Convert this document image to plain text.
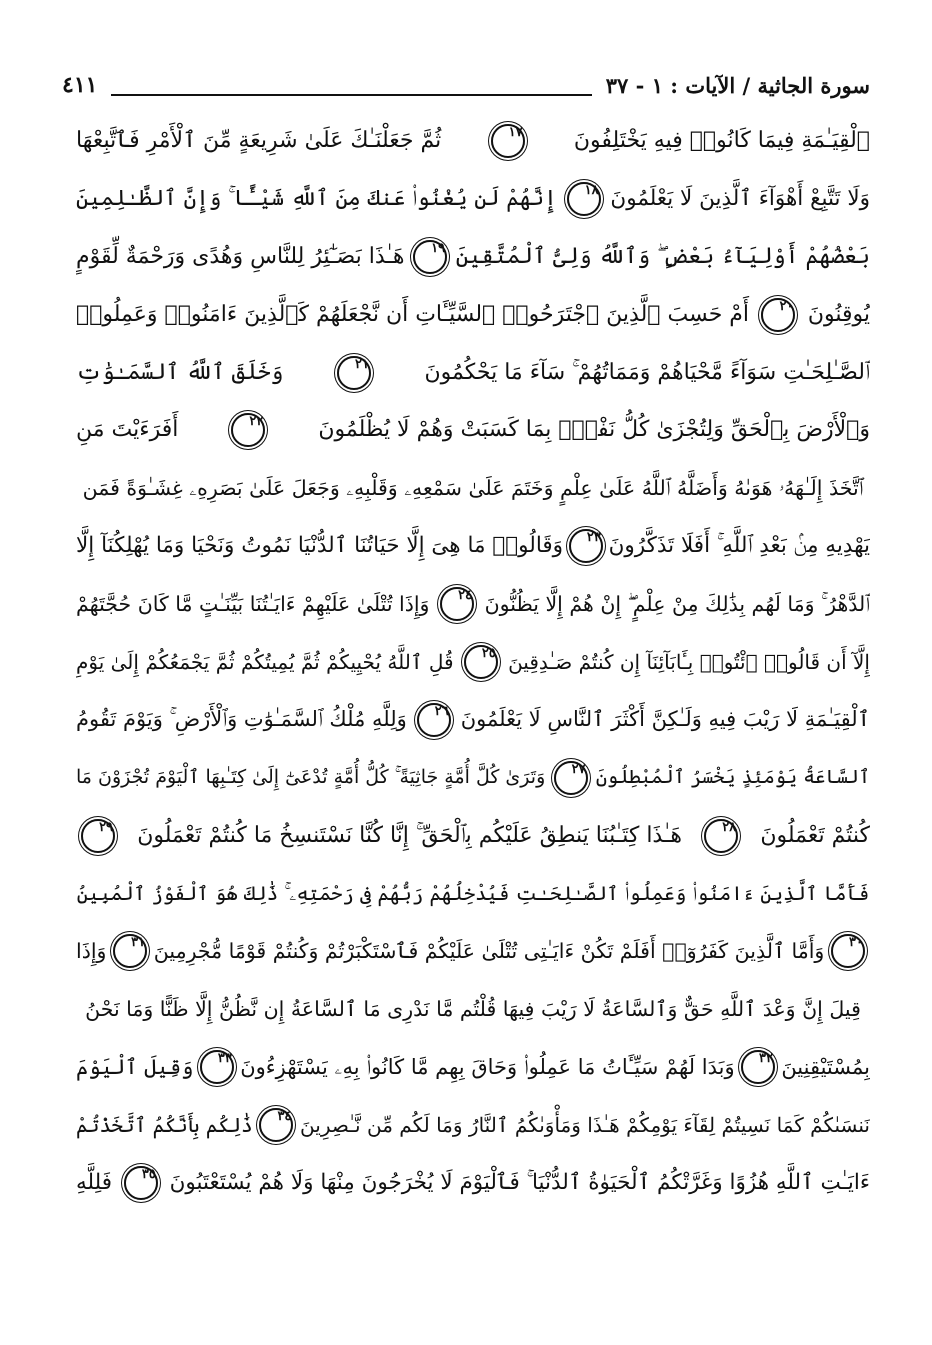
سورة الجاثية / الآيات : ١ - ٣٧
٤١١
ٱلْقِيَـٰمَةِ فِيمَا كَانُوا۟ فِيهِ يَخْتَلِفُونَ
١٧
ثُمَّ جَعَلْنَـٰكَ عَلَىٰ شَرِيعَةٍ مِّنَ ٱلْأَمْرِ فَٱتَّبِعْهَا
وَلَا تَتَّبِعْ أَهْوَآءَ ٱلَّذِينَ لَا يَعْلَمُونَ
١٨
إِنَّهُمْ لَن يُغْنُوا۟ عَنكَ مِنَ ٱللَّهِ شَيْـًٔا ۚ وَإِنَّ ٱلظَّـٰلِمِينَ
بَعْضُهُمْ أَوْلِيَآءُ بَعْضٍ ۖ وَٱللَّهُ وَلِىُّ ٱلْمُتَّقِينَ
١٩
هَـٰذَا بَصَـٰٓئِرُ لِلنَّاسِ وَهُدًى وَرَحْمَةٌ لِّقَوْمٍ
يُوقِنُونَ
٢٠
أَمْ حَسِبَ ٱلَّذِينَ ٱجْتَرَحُوا۟ ٱلسَّيِّـَٔاتِ أَن نَّجْعَلَهُمْ كَٱلَّذِينَ ءَامَنُوا۟ وَعَمِلُوا۟
ٱلصَّـٰلِحَـٰتِ سَوَآءً مَّحْيَاهُمْ وَمَمَاتُهُمْ ۚ سَآءَ مَا يَحْكُمُونَ
٢١
وَخَلَقَ ٱللَّهُ ٱلسَّمَـٰوَٰتِ
وَٱلْأَرْضَ بِٱلْحَقِّ وَلِتُجْزَىٰ كُلُّ نَفْسٍۭ بِمَا كَسَبَتْ وَهُمْ لَا يُظْلَمُونَ
٢٢
أَفَرَءَيْتَ مَنِ
ٱتَّخَذَ إِلَـٰهَهُۥ هَوَىٰهُ وَأَضَلَّهُ ٱللَّهُ عَلَىٰ عِلْمٍ وَخَتَمَ عَلَىٰ سَمْعِهِۦ وَقَلْبِهِۦ وَجَعَلَ عَلَىٰ بَصَرِهِۦ غِشَـٰوَةً فَمَن
يَهْدِيهِ مِنۢ بَعْدِ ٱللَّهِ ۚ أَفَلَا تَذَكَّرُونَ
٢٣
وَقَالُوا۟ مَا هِىَ إِلَّا حَيَاتُنَا ٱلدُّنْيَا نَمُوتُ وَنَحْيَا وَمَا يُهْلِكُنَآ إِلَّا
ٱلدَّهْرُ ۚ وَمَا لَهُم بِذَٰلِكَ مِنْ عِلْمٍ ۖ إِنْ هُمْ إِلَّا يَظُنُّونَ
٢٤
وَإِذَا تُتْلَىٰ عَلَيْهِمْ ءَايَـٰتُنَا بَيِّنَـٰتٍ مَّا كَانَ حُجَّتَهُمْ
إِلَّآ أَن قَالُوا۟ ٱئْتُوا۟ بِـَٔابَآئِنَآ إِن كُنتُمْ صَـٰدِقِينَ
٢٥
قُلِ ٱللَّهُ يُحْيِيكُمْ ثُمَّ يُمِيتُكُمْ ثُمَّ يَجْمَعُكُمْ إِلَىٰ يَوْمِ
ٱلْقِيَـٰمَةِ لَا رَيْبَ فِيهِ وَلَـٰكِنَّ أَكْثَرَ ٱلنَّاسِ لَا يَعْلَمُونَ
٢٦
وَلِلَّهِ مُلْكُ ٱلسَّمَـٰوَٰتِ وَٱلْأَرْضِ ۚ وَيَوْمَ تَقُومُ
ٱلسَّاعَةُ يَوْمَئِذٍ يَخْسَرُ ٱلْمُبْطِلُونَ
٢٧
وَتَرَىٰ كُلَّ أُمَّةٍ جَاثِيَةً ۚ كُلُّ أُمَّةٍ تُدْعَىٰٓ إِلَىٰ كِتَـٰبِهَا ٱلْيَوْمَ تُجْزَوْنَ مَا
كُنتُمْ تَعْمَلُونَ
٢٨
هَـٰذَا كِتَـٰبُنَا يَنطِقُ عَلَيْكُم بِٱلْحَقِّ ۚ إِنَّا كُنَّا نَسْتَنسِخُ مَا كُنتُمْ تَعْمَلُونَ
٢٩
فَأَمَّا ٱلَّذِينَ ءَامَنُوا۟ وَعَمِلُوا۟ ٱلصَّـٰلِحَـٰتِ فَيُدْخِلُهُمْ رَبُّهُمْ فِى رَحْمَتِهِۦ ۚ ذَٰلِكَ هُوَ ٱلْفَوْزُ ٱلْمُبِينُ
٣٠
وَأَمَّا ٱلَّذِينَ كَفَرُوٓا۟ أَفَلَمْ تَكُنْ ءَايَـٰتِى تُتْلَىٰ عَلَيْكُمْ فَٱسْتَكْبَرْتُمْ وَكُنتُمْ قَوْمًا مُّجْرِمِينَ
٣١
وَإِذَا
قِيلَ إِنَّ وَعْدَ ٱللَّهِ حَقٌّ وَٱلسَّاعَةُ لَا رَيْبَ فِيهَا قُلْتُم مَّا نَدْرِى مَا ٱلسَّاعَةُ إِن نَّظُنُّ إِلَّا ظَنًّا وَمَا نَحْنُ
بِمُسْتَيْقِنِينَ
٣٢
وَبَدَا لَهُمْ سَيِّـَٔاتُ مَا عَمِلُوا۟ وَحَاقَ بِهِم مَّا كَانُوا۟ بِهِۦ يَسْتَهْزِءُونَ
٣٣
وَقِيلَ ٱلْيَوْمَ
نَنسَىٰكُمْ كَمَا نَسِيتُمْ لِقَآءَ يَوْمِكُمْ هَـٰذَا وَمَأْوَىٰكُمُ ٱلنَّارُ وَمَا لَكُم مِّن نَّـٰصِرِينَ
٣٤
ذَٰلِكُم بِأَنَّكُمُ ٱتَّخَذْتُمْ
ءَايَـٰتِ ٱللَّهِ هُزُوًا وَغَرَّتْكُمُ ٱلْحَيَوٰةُ ٱلدُّنْيَا ۚ فَٱلْيَوْمَ لَا يُخْرَجُونَ مِنْهَا وَلَا هُمْ يُسْتَعْتَبُونَ
٣٥
فَلِلَّهِ
